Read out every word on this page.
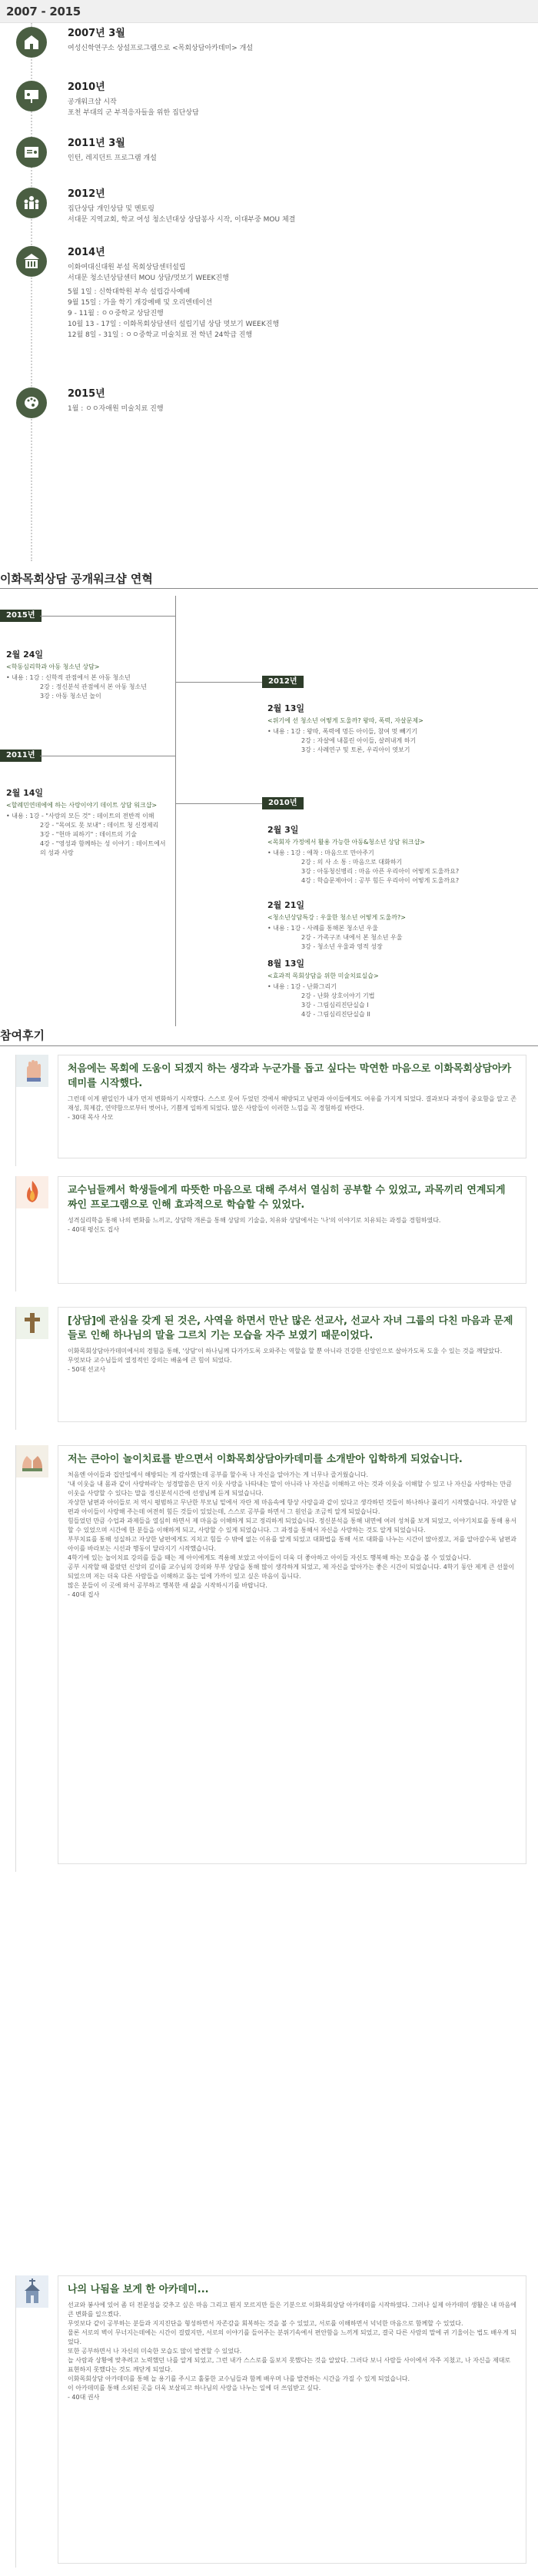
2007 - 2015

2007년 3월

여성신학연구소 상설프로그램으로 <목회상담아카데미> 개설

2010년

공개워크샵 시작

포천 부대의 군 부적응자들을 위한 집단상담

2011년 3월

인턴, 레지던트 프로그램 개설

2012년

집단상담 개인상담 및 멘토링

서대문 지역교회, 학교 여성 청소년대상 상담봉사 시작, 이대부중 MOU 체결

2014년

이화여대신대원 부설 목회상담센터설립

서대문 청소년상담센터 MOU 상담/멋보기 WEEK진행

5월 1일 : 신학대학원 부속 설립감사예배

9월 15일 : 가을 학기 개강예배 및 오리엔테이션

9 - 11월 : ㅇㅇ중학교 상담진행

10월 13 - 17일 : 이화목회상담센터 설립기념 상담 멋보기 WEEK진행

12월 8일 - 31일 : ㅇㅇ중학교 미술치료 전 학년 24학급 진행

2015년

1월 : ㅇㅇ자애원 미술치료 진행

이화목회상담 공개워크샵 연혁
2015년

2월 24일

<학동심리학과 아동 청소년 상담>

• 내용 : 1강 : 신학적 관점에서 본 아동 청소년

2강 : 정신분석 관점에서 본 아동 청소년

3강 : 아동 청소년 놀이

2012년

2월 13일

<위기에 선 청소년 어떻게 도울까? 왕따, 폭력, 자살문제>

• 내용 : 1강 : 왕따, 폭력에 멍든 아이들, 참여 멋 빼기기

2강 : 자살에 내몰린 아이들, 살려내게 하기

3강 : 사례연구 및 토론, 우리아이 엿보기

2011년

2월 14일

<할례민연데에에 하는 사랑이야기 데이트 상담 워크샵>

• 내용 : 1강 - "사랑의 모든 것" : 데이트의 전반적 이해

2강 - "목여도 못 보내" : 데이트 청 신경제리

3강 - "헌마 피하기" : 데이트의 기술

4강 - "영성과 함께하는 성 이야기 : 데이트에서의 성과 사랑

2010년

2월 3일

<목회자 가정에서 활용 가능한 아동&청소년 상담 워크샵>

• 내용 : 1강 : 애착 : 마음으로 만아주기

2강 : 의 사 소 통 : 마음으로 대화하기

3강 : 아동청신병리 : 마음 아픈 우리아이 어떻게 도울까요?

4강 : 학습문제아이 : 공부 힘든 우리아이 어떻게 도울까요?

2월 21일

<청소년상담특강 : 우울한 청소년 어떻게 도울까?>

• 내용 : 1강 - 사례를 통해본 청소년 우울

2강 - 가족구조 내에서 본 청소년 우울

3강 - 청소년 우울과 영적 성장

8월 13일

<효과적 목회상담을 위한 미술치료실습>

• 내용 : 1강 - 난화그리기

2강 - 난화 상호이야기 기법

3강 - 그림심리진단실습 I

4강 - 그림심리진단실습 II

참여후기

처음에는 목회에 도움이 되겠지 하는 생각과 누군가를 돕고 싶다는 막연한 마음으로 이화목회상담아카데미를 시작했다.

그런데 이게 웬일인가 내가 먼저 변화하기 시작했다. 스스로 뭇어 두었던 것에서 해방되고 남편과 아이들에게도 여유를 가지게 되었다. 결과보다 과정이 중요함을 알고 존재성, 희제감, 연약함으로부터 벗어나, 기쁨게 일하게 되었다. 많은 사람들이 이러한 느낌을 꼭 경험하길 바란다.

- 30대 목사 사모

교수님들께서 학생들에게 따뜻한 마음으로 대해 주셔서 열심히 공부할 수 있었고, 과목끼리 연계되게 짜인 프로그램으로 인해 효과적으로 학습할 수 있었다.

성격심리학을 통해 나의 변화를 느끼고, 상담학 개론을 통해 상담의 기술을, 치유와 상담에서는 '나'의 이야기로 치유되는 과정을 경험하였다.

- 40대 평신도 집사

[상담]에 관심을 갖게 된 것은, 사역을 하면서 만난 많은 선교사, 선교사 자녀 그룹의 다친 마음과 문제들로 인해 하나님의 말을 그르치 기는 모습을 자주 보였기 때문이었다.

이화목회상담아카데미에서의 경험을 통해, '상담'이 하나님께 다가가도록 오와주는 역할을 할 뿐 아니라 건강한 신앙인으로 살아가도록 도울 수 있는 것을 깨달았다.

무엇보다 교수님들의 열정적인 강의는 배움에 큰 힘이 되었다.

- 50대 선교사

저는 큰아이 놀이치료를 받으면서 이화목회상담아카데미를 소개받아 입학하게 되었습니다.

처음엔 아이들과 집안일에서 해방되는 게 감사했는데 공부를 할수록 나 자신을 알아가는 게 너무나 즐거웠습니다.

'내 이웃을 내 몸과 같이 사랑하라'는 성경말씀은 단지 이웃 사랑을 나타내는 말이 아니라 나 자신을 이해하고 아는 것과 이웃을 이해할 수 있고 나 자신을 사랑하는 만큼 이웃을 사랑할 수 있다는 말을 정신분석시간에 선생님께 듣게 되었습니다.

자상한 남편과 아이들로 저 역시 평범하고 무난한 부모님 밑에서 자란 제 마음속에 항상 사랑을과 같이 있다고 생각하던 것들이 하나하나 풀리기 시작했습니다. 자상한 남편과 아이들이 사랑해 주는데 여전히 힘든 것들이 있었는데, 스스로 공부를 하면서 그 원인을 조금씩 알게 되었습니다.

힘들었던 만큼 수업과 과제들을 열심히 하면서 제 마음을 이해하게 되고 정리하게 되었습니다. 정신분석을 통해 내면에 여러 성처를 보게 되었고, 이야기치료를 통해 용서할 수 있었으며 시간에 한 분들을 이해하게 되고, 사랑할 수 있게 되었습니다. 그 과정을 통해서 자신을 사랑하는 것도 알게 되었습니다.

부부치료를 통해 성실하고 자상한 남편에게도 지치고 힘들 수 밖에 없는 이유를 알게 되었고 대화법을 통해 서로 대화를 나누는 시간이 많아졌고, 저를 알아갈수록 남편과 아이를 바라보는 시선과 행동이 달라지기 시작했습니다.

4학기에 있는 놀이치료 강의를 들을 때는 제 아이에게도 적용해 보았고 아이들이 더욱 더 좋아하고 아이들 자신도 행복해 하는 모습을 볼 수 있었습니다.

공부 시작할 때 몰랐던 신앙의 깊이를 교수님의 강의와 부부 상담을 통해 많이 생각하게 되었고, 제 자신을 알아가는 좋은 시간이 되었습니다. 4학기 동안 제게 큰 선물이 되었으며 저는 더욱 다른 사람들을 이해하고 돕는 일에 가까이 있고 싶은 마음이 듭니다.

많은 분들이 이 곳에 와서 공부하고 행복한 새 삶을 시작하시기를 바랍니다.

- 40대 집사

나의 나됨을 보게 한 아카데미...

선교와 봉사에 있어 좀 더 전문성을 갖추고 싶은 마음 그리고 뭔지 모르지만 들은 기분으로 이화목회상담 아카데미를 시작하였다. 그러나 실제 아카데미 생활은 내 마음에 큰 변화를 일으켰다.

무엇보다 같이 공부하는 분들과 지지진단을 형성하면서 자존감을 회복하는 것을 볼 수 있었고, 서로를 이해하면서 넉넉한 마음으로 함께할 수 있었다.

물론 서로의 벽이 무너지는데에는 시간이 걸렸지만, 서로의 이야기를 들어주는 분위기속에서 편안함을 느끼게 되었고, 결국 다른 사람의 말에 귀 기울이는 법도 배우게 되었다.

또한 공부하면서 나 자신의 미숙한 모습도 많이 발견할 수 있었다.

늘 사람과 상황에 맞추려고 노력했던 나를 알게 되었고, 그런 내가 스스로를 돌보지 못했다는 것을 알았다. 그러다 보니 사람들 사이에서 자주 지쳤고, 나 자신을 제대로 표현하지 못했다는 것도 깨닫게 되었다.

이화목회상담 아카데미를 통해 늘 용기를 주시고 훌륭한 교수님들과 함께 배우며 나를 발견하는 시간을 가질 수 있게 되었습니다.

이 아카데미를 통해 소외된 곳을 더욱 보살피고 하나님의 사랑을 나누는 일에 더 쓰임받고 싶다.

- 40대 권사
